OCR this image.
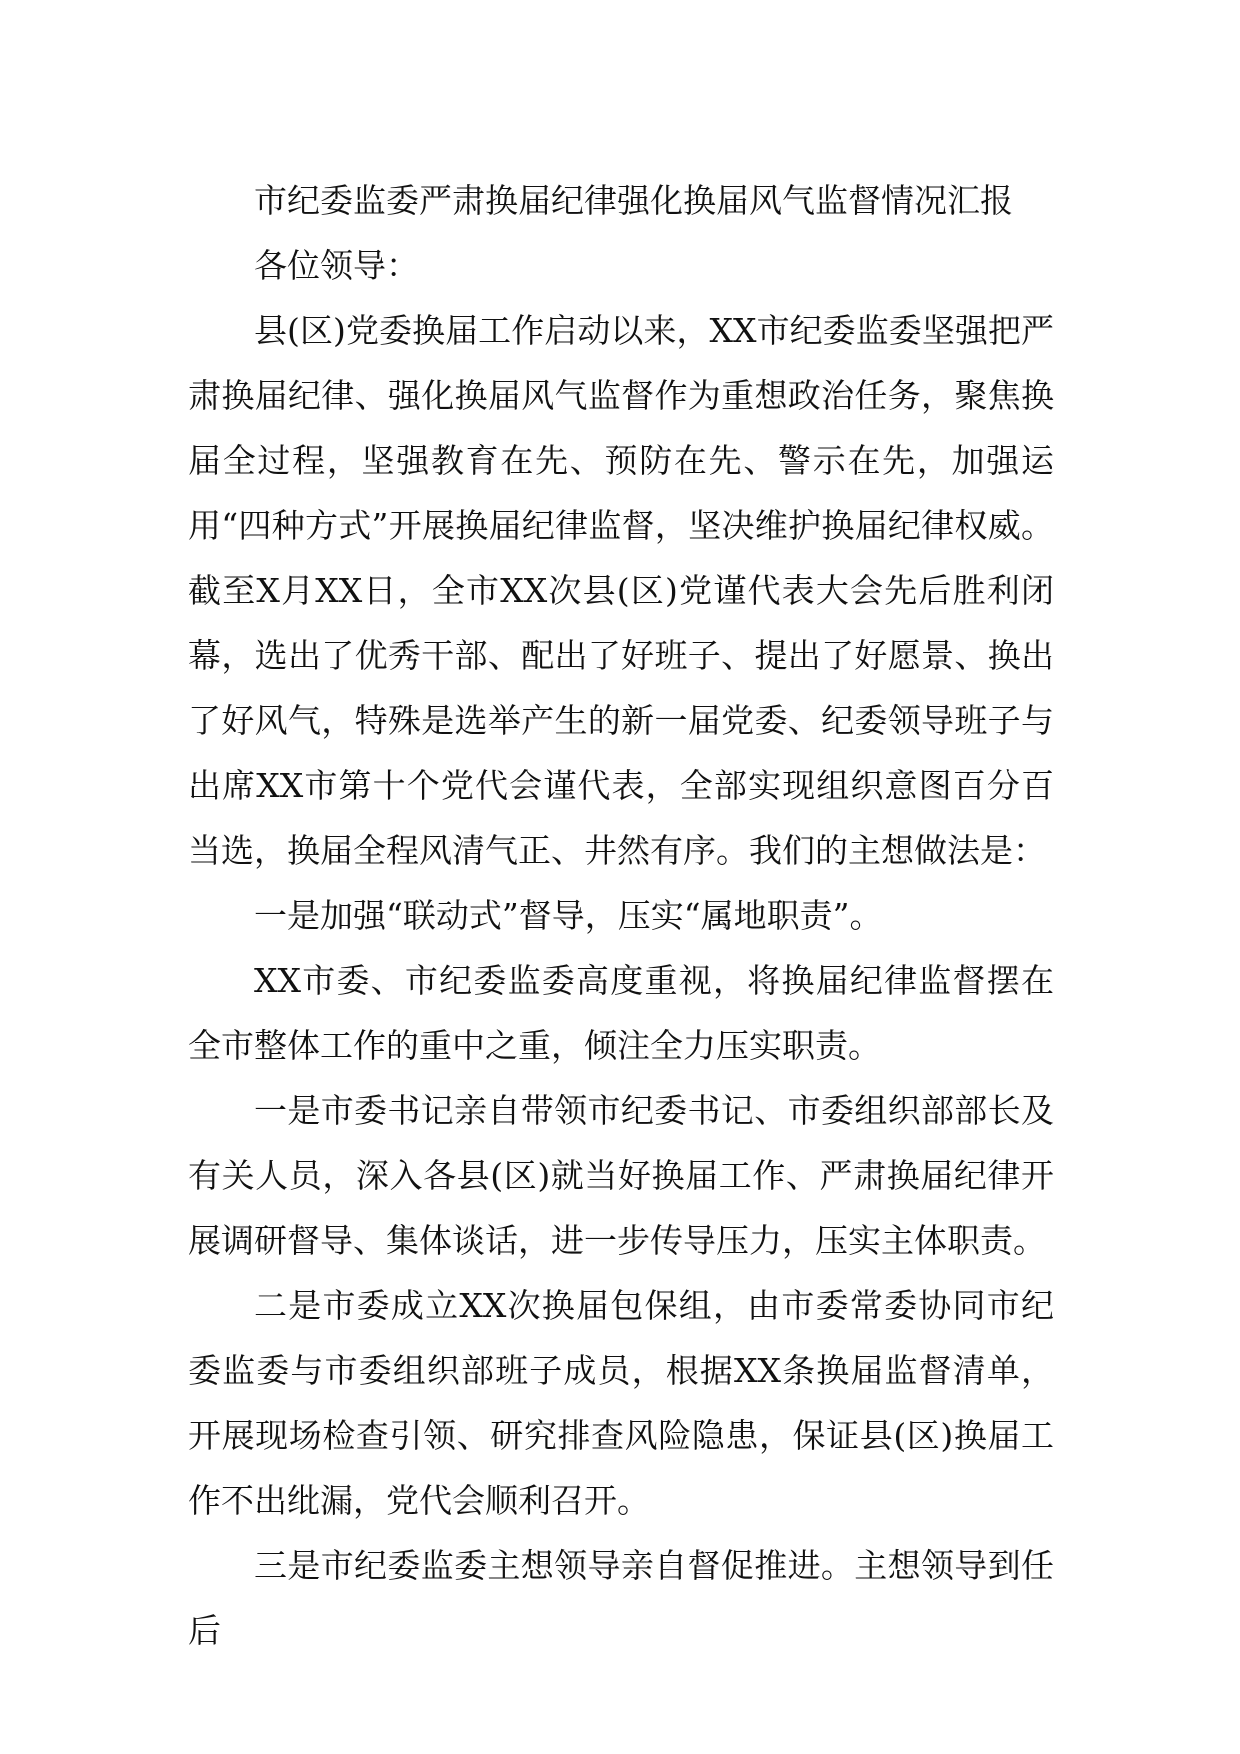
市纪委监委严肃换届纪律强化换届风气监督情况汇报

各位领导：

县(区)党委换届工作启动以来，XX市纪委监委坚强把严肃换届纪律、强化换届风气监督作为重想政治任务，聚焦换届全过程，坚强教育在先、预防在先、警示在先，加强运用“四种方式”开展换届纪律监督，坚决维护换届纪律权威。截至X月XX日，全市XX次县(区)党谨代表大会先后胜利闭幕，选出了优秀干部、配出了好班子、提出了好愿景、换出了好风气，特殊是选举产生的新一届党委、纪委领导班子与出席XX市第十个党代会谨代表，全部实现组织意图百分百当选，换届全程风清气正、井然有序。我们的主想做法是：

一是加强“联动式”督导，压实“属地职责”。

XX市委、市纪委监委高度重视，将换届纪律监督摆在全市整体工作的重中之重，倾注全力压实职责。

一是市委书记亲自带领市纪委书记、市委组织部部长及有关人员，深入各县(区)就当好换届工作、严肃换届纪律开展调研督导、集体谈话，进一步传导压力，压实主体职责。

二是市委成立XX次换届包保组，由市委常委协同市纪委监委与市委组织部班子成员，根据XX条换届监督清单，开展现场检查引领、研究排查风险隐患，保证县(区)换届工作不出纰漏，党代会顺利召开。

三是市纪委监委主想领导亲自督促推进。主想领导到任后
